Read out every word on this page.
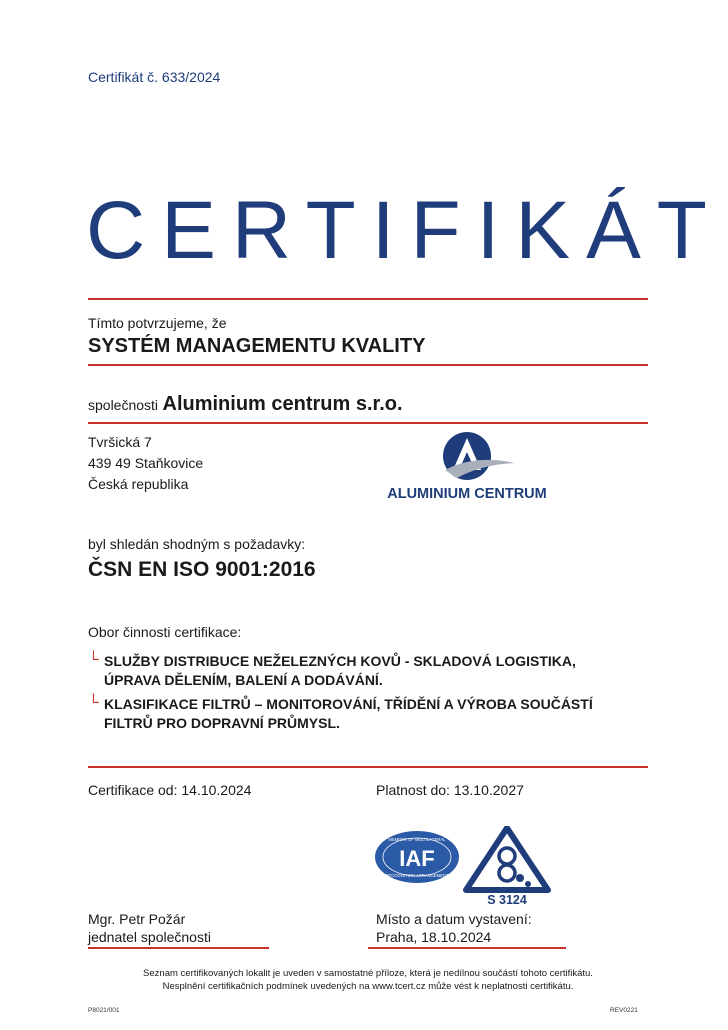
Certifikát č. 633/2024
CERTIFIKÁT
Tímto potvrzujeme, že
SYSTÉM MANAGEMENTU KVALITY
společnosti Aluminium centrum s.r.o.
Tvršická 7
439 49 Staňkovice
Česká republika
ALUMINIUM CENTRUM
byl shledán shodným s požadavky:
ČSN EN ISO 9001:2016
Obor činnosti certifikace:
└ SLUŽBY DISTRIBUCE NEŽELEZNÝCH KOVŮ - SKLADOVÁ LOGISTIKA,
ÚPRAVA DĚLENÍM, BALENÍ A DODÁVÁNÍ.
└ KLASIFIKACE FILTRŮ – MONITOROVÁNÍ, TŘÍDĚNÍ A VÝROBA SOUČÁSTÍ
FILTRŮ PRO DOPRAVNÍ PRŮMYSL.
Certifikace od: 14.10.2024	Platnost do: 13.10.2027
MEMBER OF MULTILATERAL
RECOGNITION ARRANGEMENT
IAF
S 3124
Mgr. Petr Požár
jednatel společnosti
Místo a datum vystavení:
Praha, 18.10.2024
Seznam certifikovaných lokalit je uveden v samostatné příloze, která je nedílnou součástí tohoto certifikátu.
Nesplnění certifikačních podmínek uvedených na www.tcert.cz může vést k neplatnosti certifikátu.
P8021/001	REV0221
